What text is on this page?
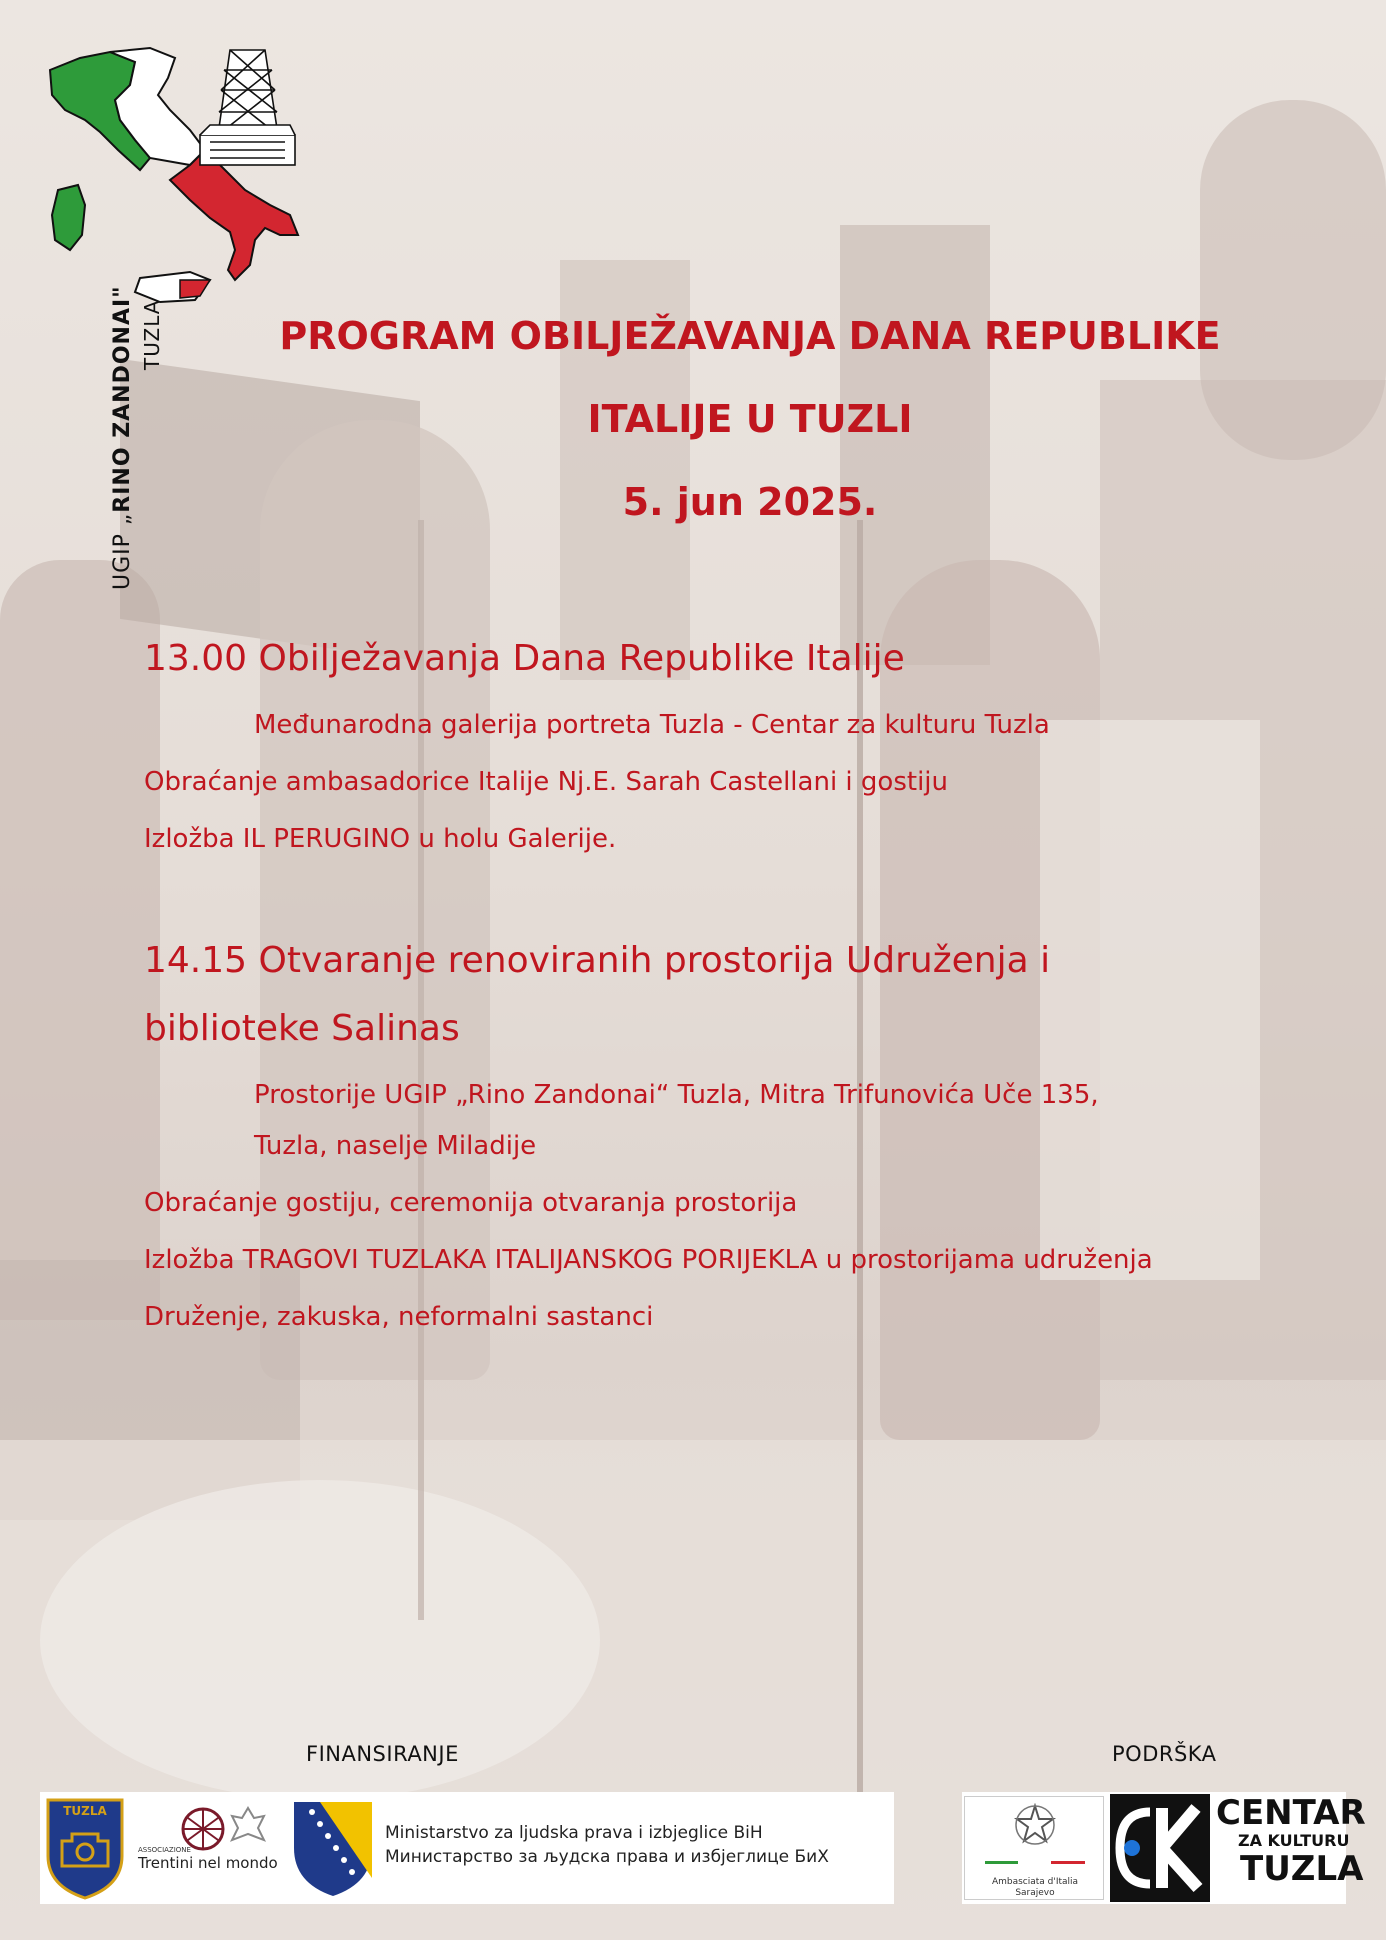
UGIP „RINO ZANDONAI"
TUZLA	PROGRAM OBILJEŽAVANJA DANA REPUBLIKE
ITALIJE U TUZLI
5. jun 2025.
13.00 Obilježavanja Dana Republike Italije
Međunarodna galerija portreta Tuzla - Centar za kulturu Tuzla
Obraćanje ambasadorice Italije Nj.E. Sarah Castellani i gostiju
Izložba IL PERUGINO u holu Galerije.
14.15 Otvaranje renoviranih prostorija Udruženja i
biblioteke Salinas
Prostorije UGIP „Rino Zandonai“ Tuzla, Mitra Trifunovića Uče 135,
Tuzla, naselje Miladije
Obraćanje gostiju, ceremonija otvaranja prostorija
Izložba TRAGOVI TUZLAKA ITALIJANSKOG PORIJEKLA u prostorijama udruženja
Druženje, zakuska, neformalni sastanci
FINANSIRANJE	PODRŠKA
TUZLA
ASSOCIAZIONE
Trentini nel mondo
Ministarstvo za ljudska prava i izbjeglice BiH
Министарство за људска права и избјеглице БиХ
Ambasciata d'Italia
Sarajevo
CENTAR
ZA KULTURU
TUZLA
